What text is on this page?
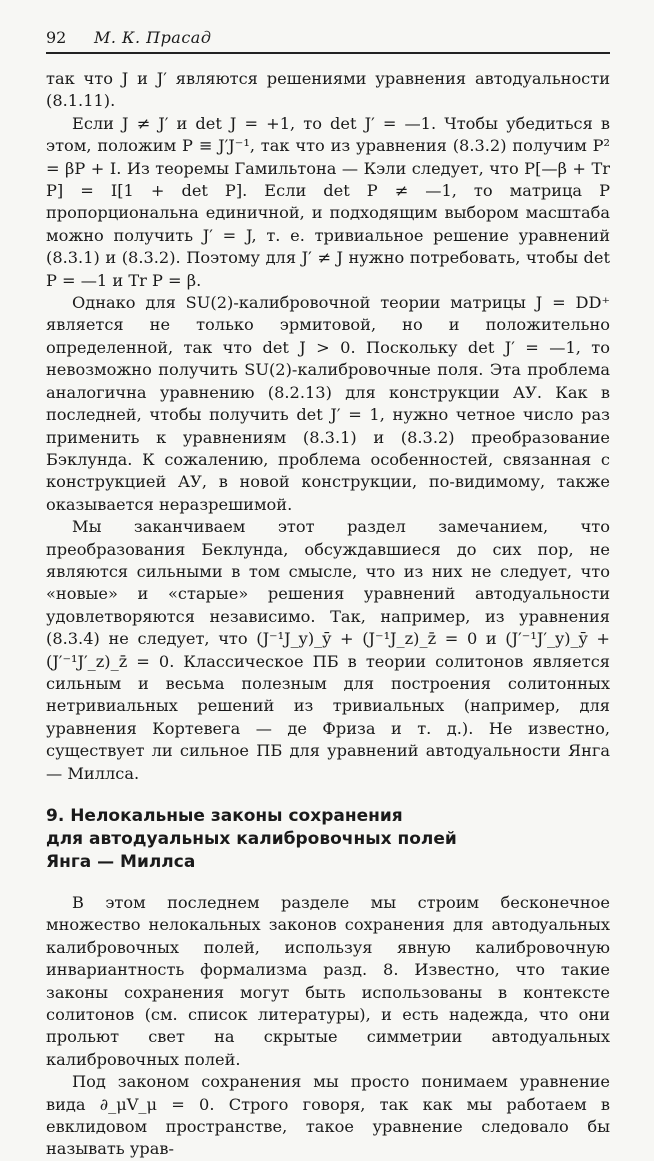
92 М. К. Прасад

так что J и J′ являются решениями уравнения автодуальности (8.1.11).

Если J ≠ J′ и det J = +1, то det J′ = —1. Чтобы убедиться в этом, положим P ≡ J′J⁻¹, так что из уравнения (8.3.2) получим P² = βP + I. Из теоремы Гамильтона — Кэли следует, что P[—β + Tr P] = I[1 + det P]. Если det P ≠ —1, то матрица P пропорциональна единичной, и подходящим выбором масштаба можно получить J′ = J, т. е. тривиальное решение уравнений (8.3.1) и (8.3.2). Поэтому для J′ ≠ J нужно потребовать, чтобы det P = —1 и Tr P = β.

Однако для SU(2)-калибровочной теории матрицы J = DD⁺ является не только эрмитовой, но и положительно определенной, так что det J > 0. Поскольку det J′ = —1, то невозможно получить SU(2)-калибровочные поля. Эта проблема аналогична уравнению (8.2.13) для конструкции АУ. Как в последней, чтобы получить det J′ = 1, нужно четное число раз применить к уравнениям (8.3.1) и (8.3.2) преобразование Бэклунда. К сожалению, проблема особенностей, связанная с конструкцией АУ, в новой конструкции, по-видимому, также оказывается неразрешимой.

Мы заканчиваем этот раздел замечанием, что преобразования Беклунда, обсуждавшиеся до сих пор, не являются сильными в том смысле, что из них не следует, что «новые» и «старые» решения уравнений автодуальности удовлетворяются независимо. Так, например, из уравнения (8.3.4) не следует, что (J⁻¹J_y)_ȳ + (J⁻¹J_z)_z̄ = 0 и (J′⁻¹J′_y)_ȳ + (J′⁻¹J′_z)_z̄ = 0. Классическое ПБ в теории солитонов является сильным и весьма полезным для построения солитонных нетривиальных решений из тривиальных (например, для уравнения Кортевега — де Фриза и т. д.). Не известно, существует ли сильное ПБ для уравнений автодуальности Янга — Миллса.

9. Нелокальные законы сохранения
для автодуальных калибровочных полей
Янга — Миллса

В этом последнем разделе мы строим бесконечное множество нелокальных законов сохранения для автодуальных калибровочных полей, используя явную калибровочную инвариантность формализма разд. 8. Известно, что такие законы сохранения могут быть использованы в контексте солитонов (см. список литературы), и есть надежда, что они прольют свет на скрытые симметрии автодуальных калибровочных полей.

Под законом сохранения мы просто понимаем уравнение вида ∂_μV_μ = 0. Строго говоря, так как мы работаем в евклидовом пространстве, такое уравнение следовало бы называть урав-
